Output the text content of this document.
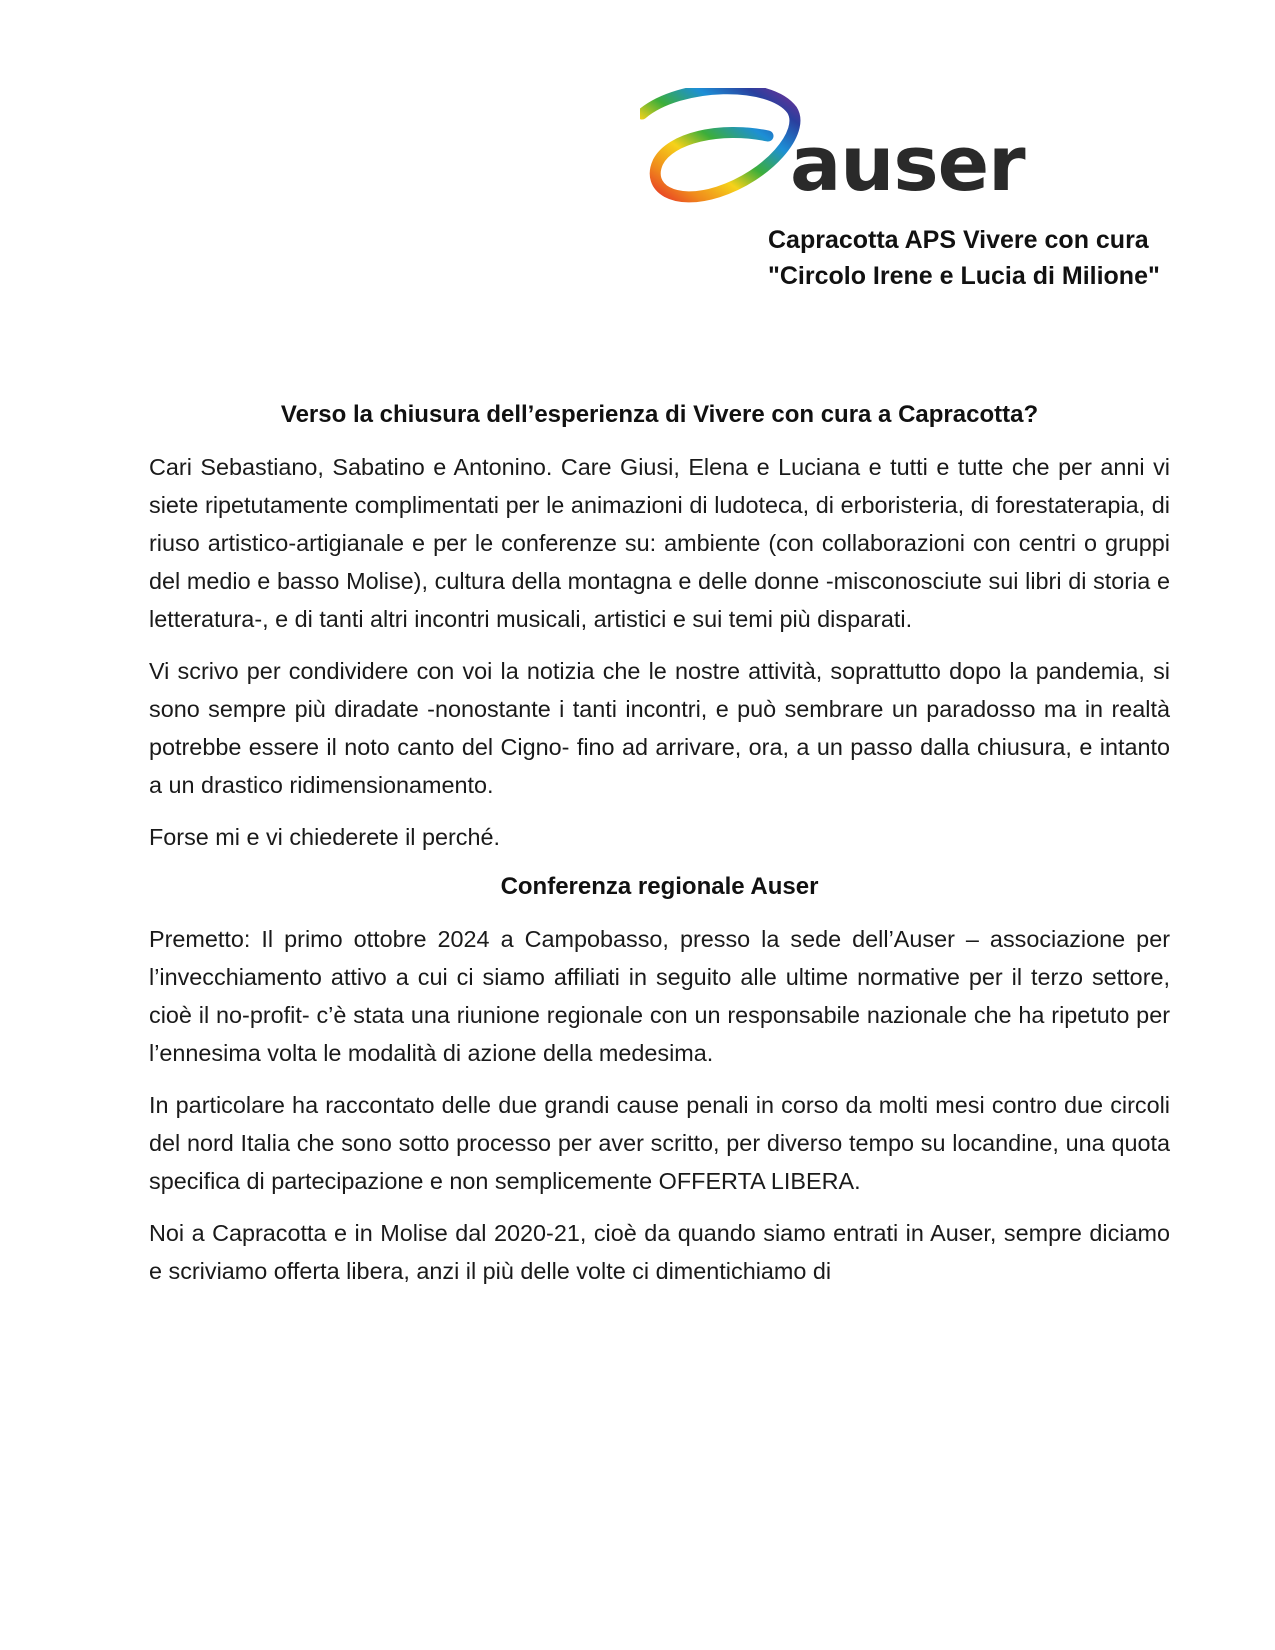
auser
Capracotta APS Vivere con cura
"Circolo Irene e Lucia di Milione"
Verso la chiusura dell’esperienza di Vivere con cura a Capracotta?

Cari Sebastiano, Sabatino e Antonino. Care Giusi, Elena e Luciana e tutti e tutte che per anni vi siete ripetutamente complimentati per le animazioni di ludoteca, di erboristeria, di forestaterapia, di riuso artistico-artigianale e per le conferenze su: ambiente (con collaborazioni con centri o gruppi del medio e basso Molise), cultura della montagna e delle donne -misconosciute sui libri di storia e letteratura-, e di tanti altri incontri musicali, artistici e sui temi più disparati.

Vi scrivo per condividere con voi la notizia che le nostre attività, soprattutto dopo la pandemia, si sono sempre più diradate -nonostante i tanti incontri, e può sembrare un paradosso ma in realtà potrebbe essere il noto canto del Cigno- fino ad arrivare, ora, a un passo dalla chiusura, e intanto a un drastico ridimensionamento.

Forse mi e vi chiederete il perché.

Conferenza regionale Auser

Premetto: Il primo ottobre 2024 a Campobasso, presso la sede dell’Auser – associazione per l’invecchiamento attivo a cui ci siamo affiliati in seguito alle ultime normative per il terzo settore, cioè il no-profit- c’è stata una riunione regionale con un responsabile nazionale che ha ripetuto per l’ennesima volta le modalità di azione della medesima.

In particolare ha raccontato delle due grandi cause penali in corso da molti mesi contro due circoli del nord Italia che sono sotto processo per aver scritto, per diverso tempo su locandine, una quota specifica di partecipazione e non semplicemente OFFERTA LIBERA.

Noi a Capracotta e in Molise dal 2020-21, cioè da quando siamo entrati in Auser, sempre diciamo e scriviamo offerta libera, anzi il più delle volte ci dimentichiamo di
